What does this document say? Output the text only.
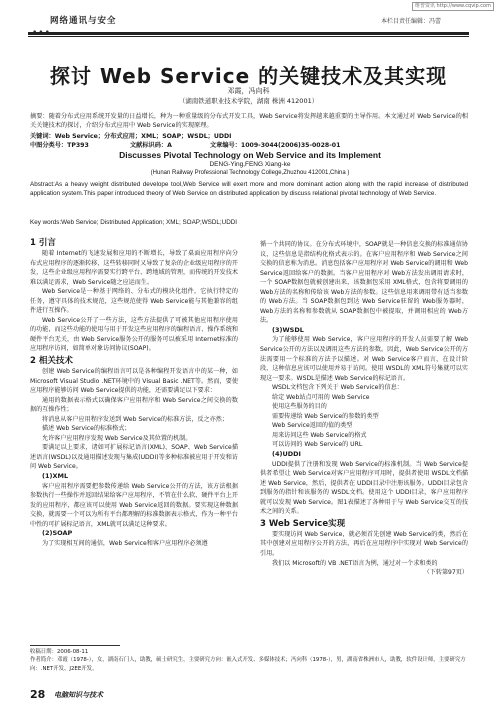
维普资讯 http://www.cqvip.com
网络通讯与安全	本栏目责任编辑：冯蕾
探讨 Web Service 的关键技术及其实现
邓霞，冯向科
（湖南铁道职业技术学院，湖南 株洲 412001）
摘要：随着分布式应用系统开发量的日益增长，种为一种重量级的分布式开发工具，Web Service将发挥越来越重要的主导作用。本文通过对 Web Service的相关关键技术的探讨，介绍分布式应用中 Web Service的实现原理。
关键词：Web Service；分布式应用；XML；SOAP；WSDL；UDDI
中图分类号：TP393	文献标识码：A	文章编号：1009-3044(2006)35-0028-01
Discusses Pivotal Technology on Web Service and its Implement
DENG-Ying,FENG Xiang-ke
(Hunan Railway Professional Technology College,Zhuzhou 412001,China )
Abstract:As a heavy weight distributed develope tool,Web Service will exert more and more dominant action along with the rapid increase of distributed application system.This paper introduced theory of Web Service on distributed application by discuss relational pivotal technology of Web Service.
Key words:Web Service; Distributed Application; XML; SOAP;WSDL;UDDI
1 引言

随着 Internet的飞速发展和应用的不断增长，导致了桌面应用程序向分布式应用程序的逐渐转移，这些转移同时又导致了复杂的企业级应用程序的开发，这些企业级应用程序需要实行跨平台、跨地域的管理，而传统的开发技术难以满足需求，Web Service随之应运而生。

Web Service是一种基于网络的、分布式的模块化组件，它执行特定的任务，遵守具体的技术规范，这些规范使得 Web Service能与其他兼容的组件进行互操作。

Web Service公开了一些方法，这些方法提供了可被其他应用程序使用的功能，而这些功能的使用与用于开发这些应用程序的编程语言、操作系统和硬件平台无关，由 Web Service服务公开的服务可以被采用 Internet标准的应用程序访问，如简单对象访问协议(SOAP)。

2 相关技术

创建 Web Service的编程语言可以是各种编程开发语言中的某一种，如 Microsoft Visual Studio .NET环境中的 Visual Basic .NET等。然而，要使应用程序能够访问 Web Service提供的功能，还需要满足以下要求：

通用的数据表示格式以确保客户应用程序和 Web Service之间交换的数据的互操作性；

将消息从客户应用程序发送到 Web Service的标准方法，反之亦然；

描述 Web Service的标准格式；

允许客户应用程序发现 Web Service及其位置的机制。

要满足以上要求，诸如可扩展标记语言(XML)、SOAP、Web Service描述语言(WSDL)以及通用描述发现与集成(UDDI)等多种标准被应用于开发和访问 Web Service。

(1)XML

客户应用程序需要把参数传递给 Web Service公开的方法，该方法根据参数执行一些操作并返回结果给客户应用程序，不管在什么软、硬件平台上开发的应用程序，都应该可以使用 Web Service返回的数据。要实现这种数据交换，就需要一个可以为所有平台都理解的标准数据表示格式，作为一种平台中性的可扩展标记语言，XML就可以满足这种要求。

(2)SOAP

为了实现相互间的通信，Web Service和客户应用程序必须遵

循一个共同的协议。在分布式环境中，SOAP就是一种信息交换的标准通信协议，这些信息是指结构化格式表示的。在客户应用程序和 Web Service之间交换的信息称为消息。消息包括客户应用程序对 Web Service的调用和 Web Service返回给客户的数据。当客户应用程序对 Web方法发出调用请求时，一个 SOAP数据包就被创建出来，该数据包采用 XML格式，包含将要调用的 Web方法的名称和传给该 Web方法的参数。这些信息用来调用带有适当参数的 Web方法。当 SOAP数据包到达 Web Service驻留的 Web服务器时，Web方法的名称和参数就从 SOAP数据包中被提取，并调用相应的 Web方法。

(3)WSDL

为了能够使用 Web Service，客户应用程序的开发人员需要了解 Web Service公开的方法以及调用这些方法的参数。因此，Web Service公开的方法需要用一个标准的方法予以描述。对 Web Service客户而言，在设计阶段，这种信息应该可以使用并易于访问。使用 WSDL的 XML符号集就可以实现这一要求。WSDL是描述 Web Service的标记语言。

WSDL文档包含下列关于 Web Service的信息：

给定 Web站点可用的 Web Service

使用这些服务的目的

需要传递给 Web Service的参数的类型

Web Service返回的值的类型

用来访问这些 Web Service的格式

可以访问的 Web Service的 URL

(4)UDDI

UDDI提供了注册和发现 Web Service的标准机制。当 Web Service提供者希望让 Web Service对客户应用程序可用时，提供者使用 WSDL文档描述 Web Service，然后，提供者在 UDDI目录中注册该服务。UDDI目录包含到服务的指针和该服务的 WSDL文档。使用这个 UDDI目录，客户应用程序就可以发现 Web Service。图1表描述了各种用于与 Web Service交互的技术之间的关系。

3 Web Service实现

要实现访问 Web Service，就必须首先创建 Web Service的类，然后在其中创建对应用程序公开的方法，再后在应用程序中实现对 Web Service的引用。

我们以 Microsoft的 VB .NET语言为例，通过对一个求和类的

（下转第97页）

收稿日期：2006-08-11
作者简介：邓霞（1978-），女，湖南石门人，助教，硕士研究生，主要研究方向：嵌入式开发、多媒体技术；冯向科（1978-），男，湖南省株洲市人，助教，软件设计师，主要研究方向：.NET开发、J2EE开发。
28 电脑知识与技术
